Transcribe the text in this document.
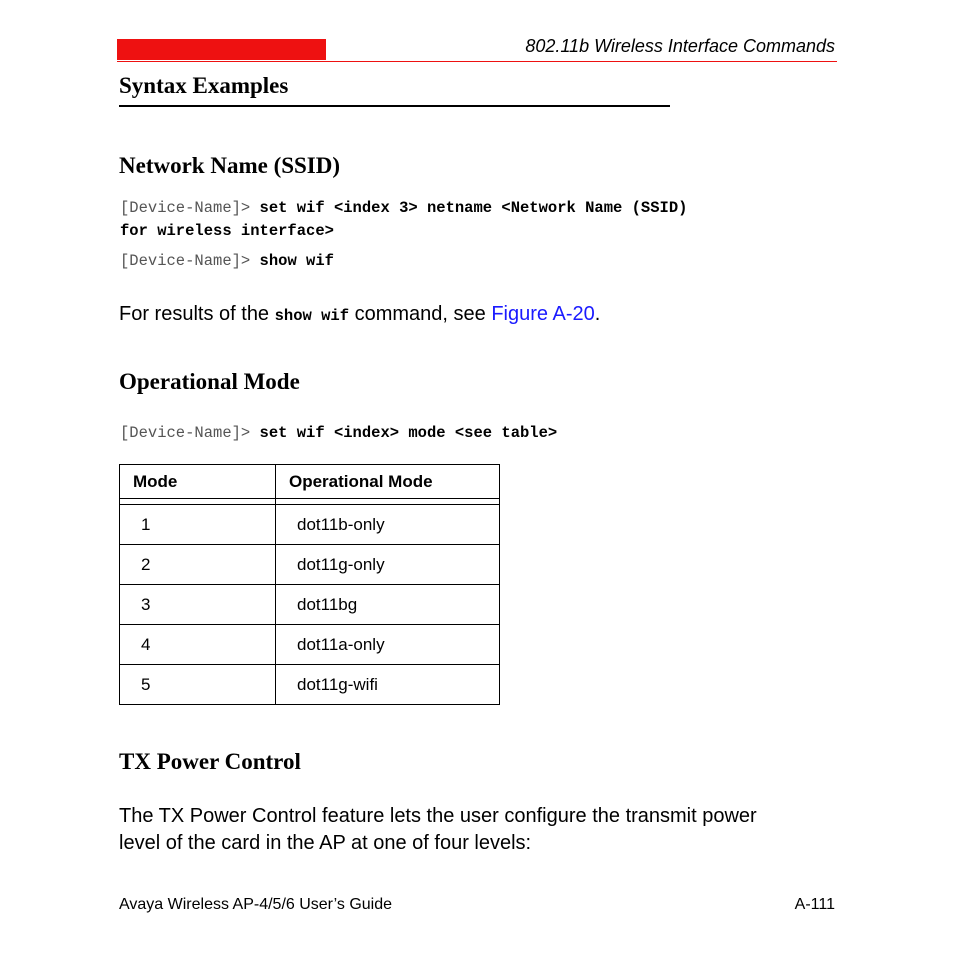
802.11b Wireless Interface Commands
Syntax Examples
Network Name (SSID)
[Device-Name]> set wif <index 3> netname <Network Name (SSID)
for wireless interface>
[Device-Name]> show wif
For results of the show wif command, see Figure A-20.
Operational Mode
[Device-Name]> set wif <index> mode <see table>
Mode	Operational Mode

1	dot11b-only
2	dot11g-only
3	dot11bg
4	dot11a-only
5	dot11g-wifi
TX Power Control
The TX Power Control feature lets the user configure the transmit power
level of the card in the AP at one of four levels:
Avaya Wireless AP-4/5/6 User’s Guide	A-111
